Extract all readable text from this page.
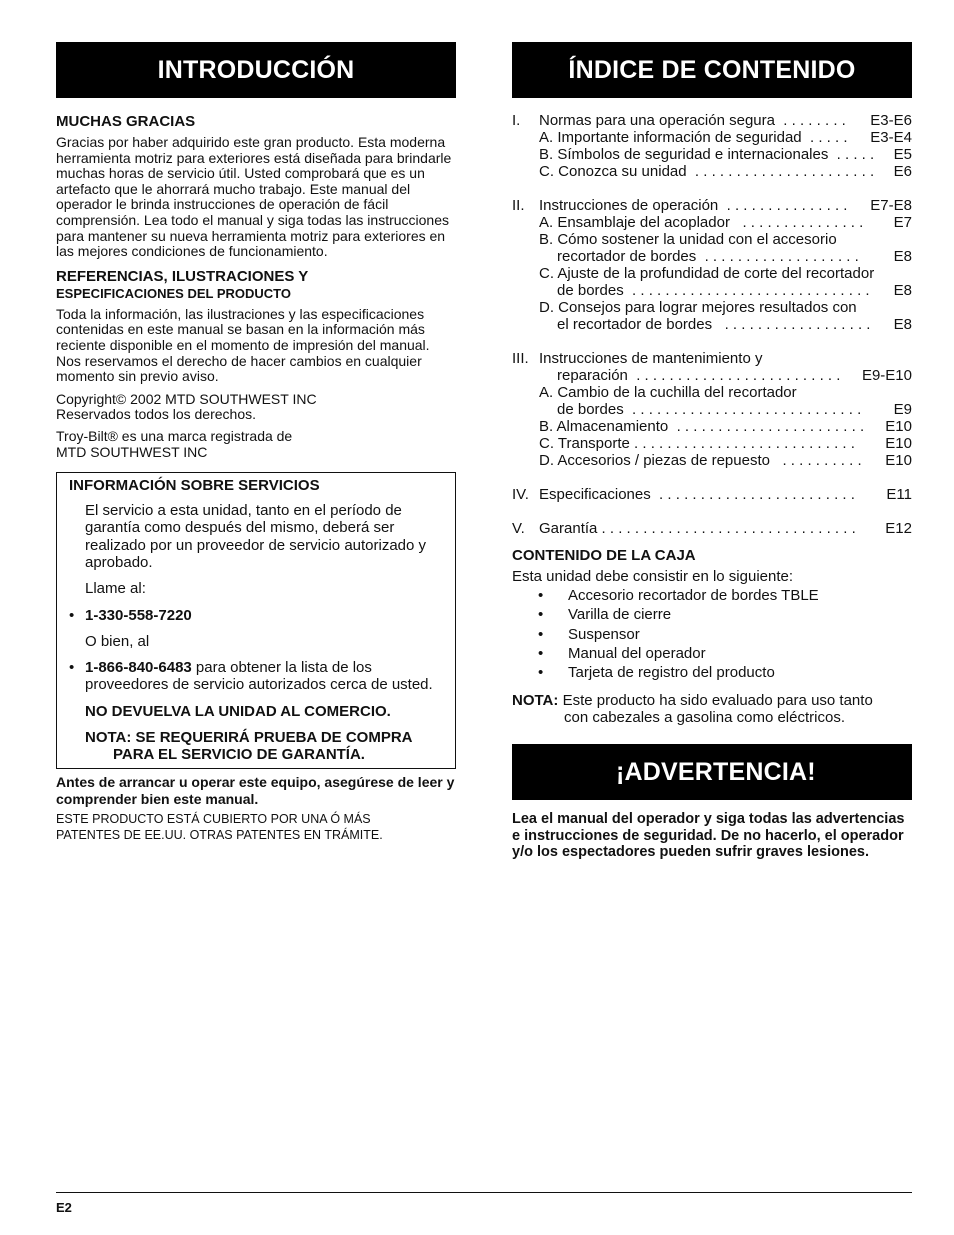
INTRODUCCIÓN
MUCHAS GRACIAS

Gracias por haber adquirido este gran producto. Esta moderna herramienta motriz para exteriores está diseñada para brindarle muchas horas de servicio útil. Usted comprobará que es un artefacto que le ahorrará mucho trabajo. Este manual del operador le brinda instrucciones de operación de fácil comprensión. Lea todo el manual y siga todas las instrucciones para mantener su nueva herramienta motriz para exteriores en las mejores condiciones de funcionamiento.

REFERENCIAS, ILUSTRACIONES Y
ESPECIFICACIONES DEL PRODUCTO

Toda la información, las ilustraciones y las especificaciones contenidas en este manual se basan en la información más reciente disponible en el momento de impresión del manual. Nos reservamos el derecho de hacer cambios en cualquier momento sin previo aviso.

Copyright© 2002 MTD SOUTHWEST INC

Reservados todos los derechos.

Troy-Bilt® es una marca registrada de

MTD SOUTHWEST INC

INFORMACIÓN SOBRE SERVICIOS

El servicio a esta unidad, tanto en el período de garantía como después del mismo, deberá ser realizado por un proveedor de servicio autorizado y aprobado.

Llame al:

• 1-330-558-7220

O bien, al

• 1-866-840-6483 para obtener la lista de los proveedores de servicio autorizados cerca de usted.

NO DEVUELVA LA UNIDAD AL COMERCIO.

NOTA: SE REQUERIRÁ PRUEBA DE COMPRA

PARA EL SERVICIO DE GARANTÍA.

Antes de arrancar u operar este equipo, asegúrese de leer y comprender bien este manual.

ESTE PRODUCTO ESTÁ CUBIERTO POR UNA Ó MÁS

PATENTES DE EE.UU. OTRAS PATENTES EN TRÁMITE.

ÍNDICE DE CONTENIDO
I.	Normas para una operación segura  . . . . . . . .	E3-E6
A. Importante información de seguridad  . . . . .	E3-E4
B. Símbolos de seguridad e internacionales  . . . . .	E5
C. Conozca su unidad  . . . . . . . . . . . . . . . . . . . . . .	E6
II. Instrucciones de operación  . . . . . . . . . . . . . . .	E7-E8
A. Ensamblaje del acoplador   . . . . . . . . . . . . . . .	E7
B. Cómo sostener la unidad con el accesorio
recortador de bordes  . . . . . . . . . . . . . . . . . . .	E8
C. Ajuste de la profundidad de corte del recortador
de bordes  . . . . . . . . . . . . . . . . . . . . . . . . . . . . .	E8
D. Consejos para lograr mejores resultados con
el recortador de bordes   . . . . . . . . . . . . . . . . . .	E8
III. Instrucciones de mantenimiento y
reparación  . . . . . . . . . . . . . . . . . . . . . . . . .	E9-E10
A. Cambio de la cuchilla del recortador
de bordes  . . . . . . . . . . . . . . . . . . . . . . . . . . . .	E9
B. Almacenamiento  . . . . . . . . . . . . . . . . . . . . . . .	E10
C. Transporte . . . . . . . . . . . . . . . . . . . . . . . . . . .	E10
D. Accesorios / piezas de repuesto   . . . . . . . . . .	E10
IV. Especificaciones  . . . . . . . . . . . . . . . . . . . . . . . .	E11
V. Garantía . . . . . . . . . . . . . . . . . . . . . . . . . . . . . . .	E12
CONTENIDO DE LA CAJA

Esta unidad debe consistir en lo siguiente:

•	Accesorio recortador de bordes TBLE
•	Varilla de cierre
•	Suspensor
•	Manual del operador
•	Tarjeta de registro del producto

NOTA: Este producto ha sido evaluado para uso tanto

con cabezales a gasolina como eléctricos.

¡ADVERTENCIA!

Lea el manual del operador y siga todas las advertencias e instrucciones de seguridad. De no hacerlo, el operador y/o los espectadores pueden sufrir graves lesiones.

E2
